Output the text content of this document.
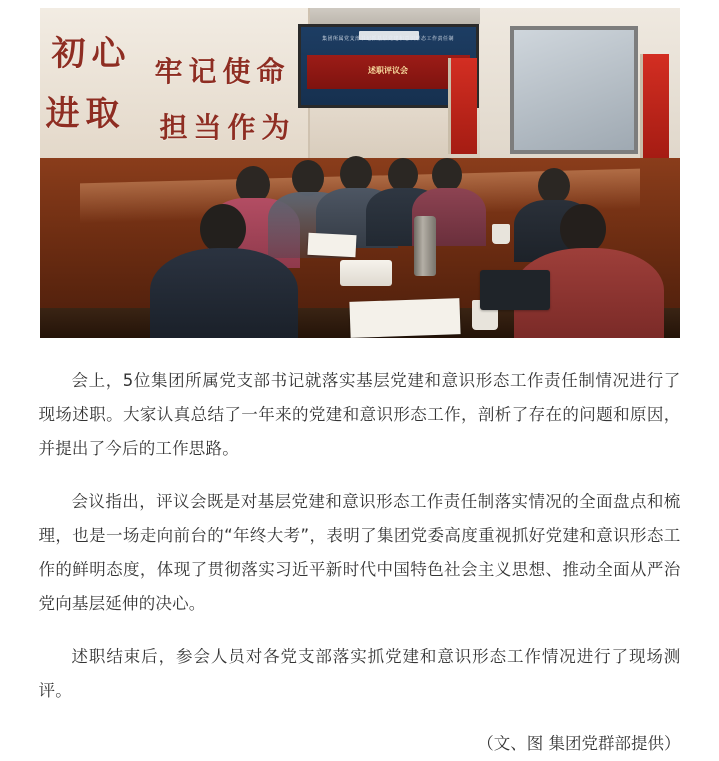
初心 牢记使命
进取 担当作为
集团所属党支部书记抓基层党建和意识形态工作责任制
述职评议会

会上，5位集团所属党支部书记就落实基层党建和意识形态工作责任制情况进行了现场述职。大家认真总结了一年来的党建和意识形态工作，剖析了存在的问题和原因，并提出了今后的工作思路。

会议指出，评议会既是对基层党建和意识形态工作责任制落实情况的全面盘点和梳理，也是一场走向前台的“年终大考”，表明了集团党委高度重视抓好党建和意识形态工作的鲜明态度，体现了贯彻落实习近平新时代中国特色社会主义思想、推动全面从严治党向基层延伸的决心。

述职结束后，参会人员对各党支部落实抓党建和意识形态工作情况进行了现场测评。

（文、图 集团党群部提供）
